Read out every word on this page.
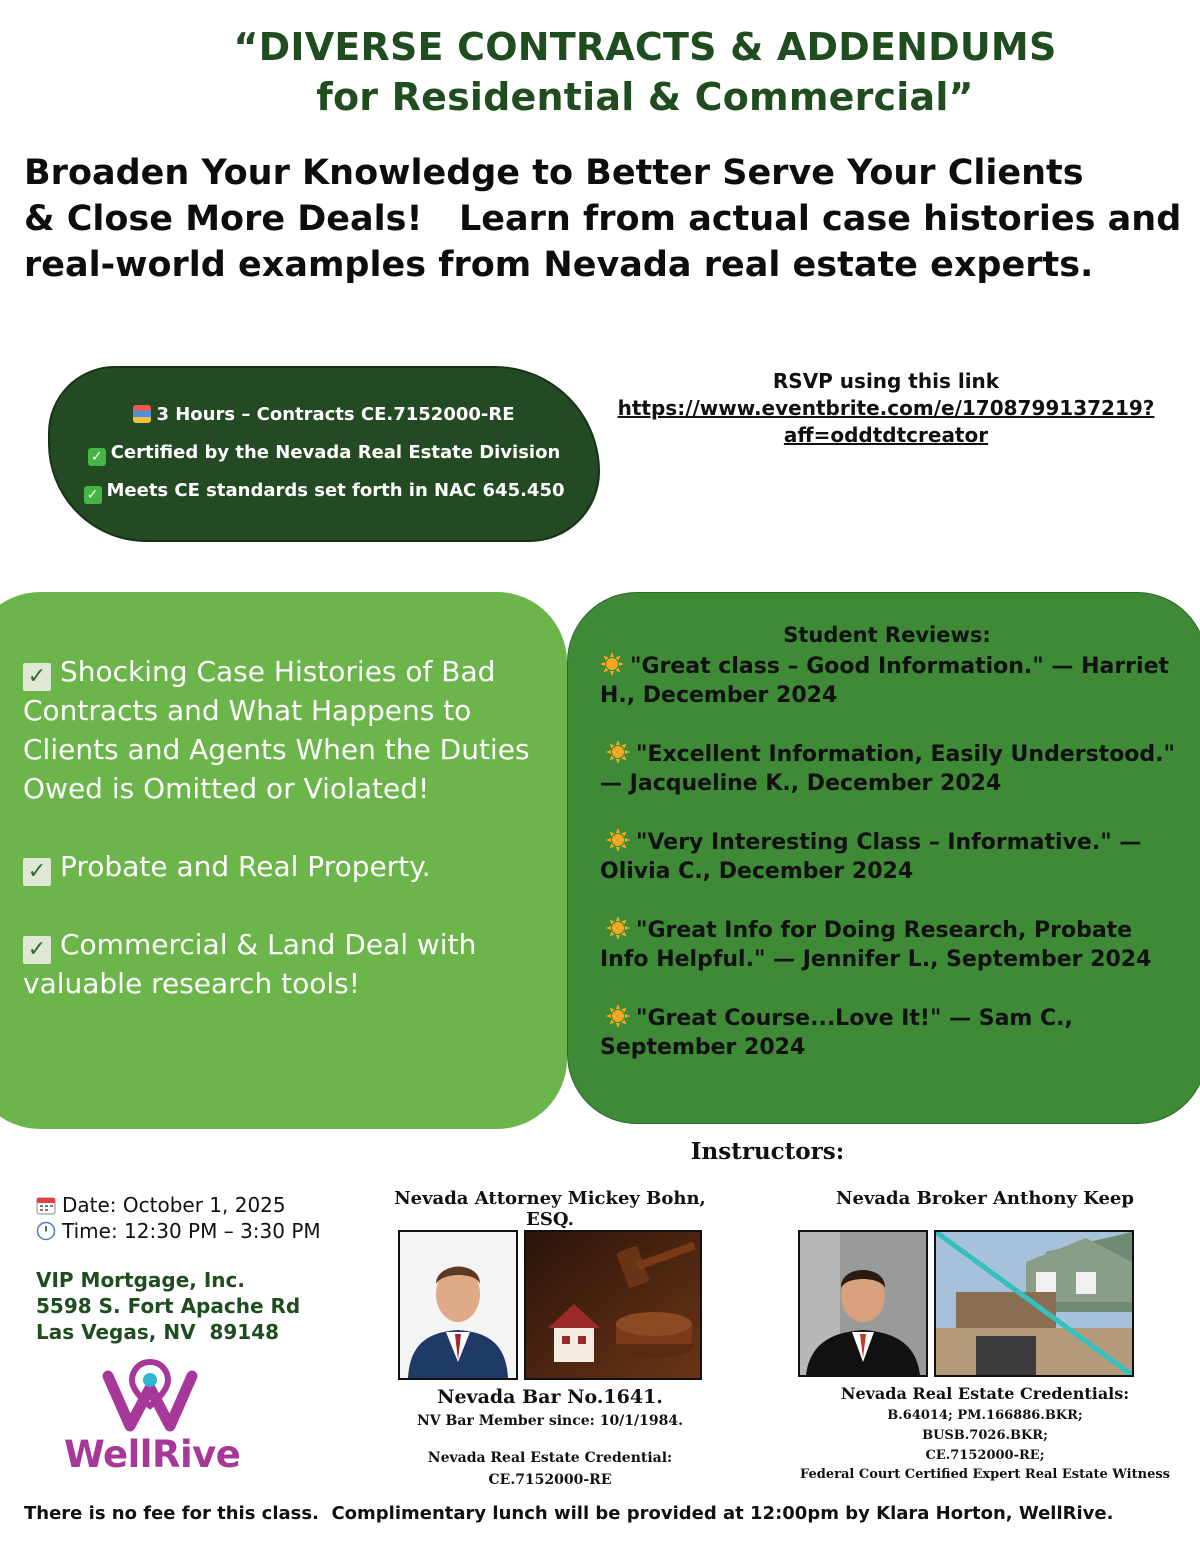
“DIVERSE CONTRACTS & ADDENDUMS
for Residential & Commercial”
Broaden Your Knowledge to Better Serve Your Clients
& Close More Deals!   Learn from actual case histories and
real-world examples from Nevada real estate experts.
3 Hours – Contracts CE.7152000-RE
✓ Certified by the Nevada Real Estate Division
✓ Meets CE standards set forth in NAC 645.450
RSVP using this link
https://www.eventbrite.com/e/1708799137219?
aff=oddtdtcreator
✓ Shocking Case Histories of Bad Contracts and What Happens to Clients and Agents When the Duties Owed is Omitted or Violated!
✓ Probate and Real Property.
✓ Commercial & Land Deal with valuable research tools!
Student Reviews:
"Great class – Good Information." — Harriet H., December 2024
"Excellent Information, Easily Understood." — Jacqueline K., December 2024
"Very Interesting Class – Informative." — Olivia C., December 2024
"Great Info for Doing Research, Probate Info Helpful." — Jennifer L., September 2024
"Great Course...Love It!" — Sam C., September 2024
Instructors:
Date: October 1, 2025
Time: 12:30 PM – 3:30 PM
VIP Mortgage, Inc.
5598 S. Fort Apache Rd
Las Vegas, NV  89148
WellRive
Nevada Attorney Mickey Bohn, ESQ.
Nevada Bar No.1641.
NV Bar Member since: 10/1/1984.
Nevada Real Estate Credential:
CE.7152000-RE
Nevada Broker Anthony Keep
Nevada Real Estate Credentials:
B.64014; PM.166886.BKR;
BUSB.7026.BKR;
CE.7152000-RE;
Federal Court Certified Expert Real Estate Witness
There is no fee for this class.  Complimentary lunch will be provided at 12:00pm by Klara Horton, WellRive.
